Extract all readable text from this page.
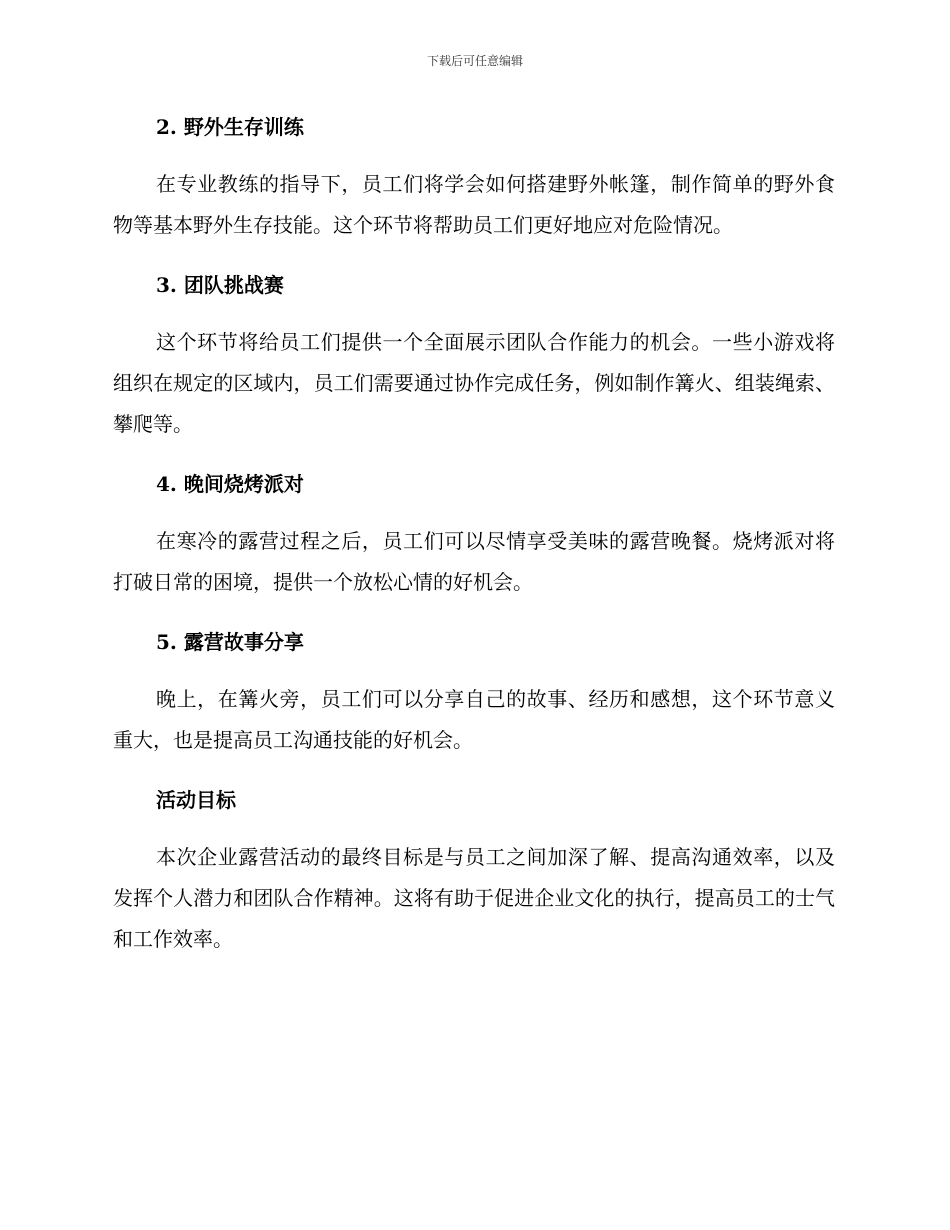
下载后可任意编辑
2. 野外生存训练

在专业教练的指导下，员工们将学会如何搭建野外帐篷，制作简单的野外食物等基本野外生存技能。这个环节将帮助员工们更好地应对危险情况。

3. 团队挑战赛

这个环节将给员工们提供一个全面展示团队合作能力的机会。一些小游戏将组织在规定的区域内，员工们需要通过协作完成任务，例如制作篝火、组装绳索、攀爬等。

4. 晚间烧烤派对

在寒冷的露营过程之后，员工们可以尽情享受美味的露营晚餐。烧烤派对将打破日常的困境，提供一个放松心情的好机会。

5. 露营故事分享

晚上，在篝火旁，员工们可以分享自己的故事、经历和感想，这个环节意义重大，也是提高员工沟通技能的好机会。

活动目标

本次企业露营活动的最终目标是与员工之间加深了解、提高沟通效率，以及发挥个人潜力和团队合作精神。这将有助于促进企业文化的执行，提高员工的士气和工作效率。
